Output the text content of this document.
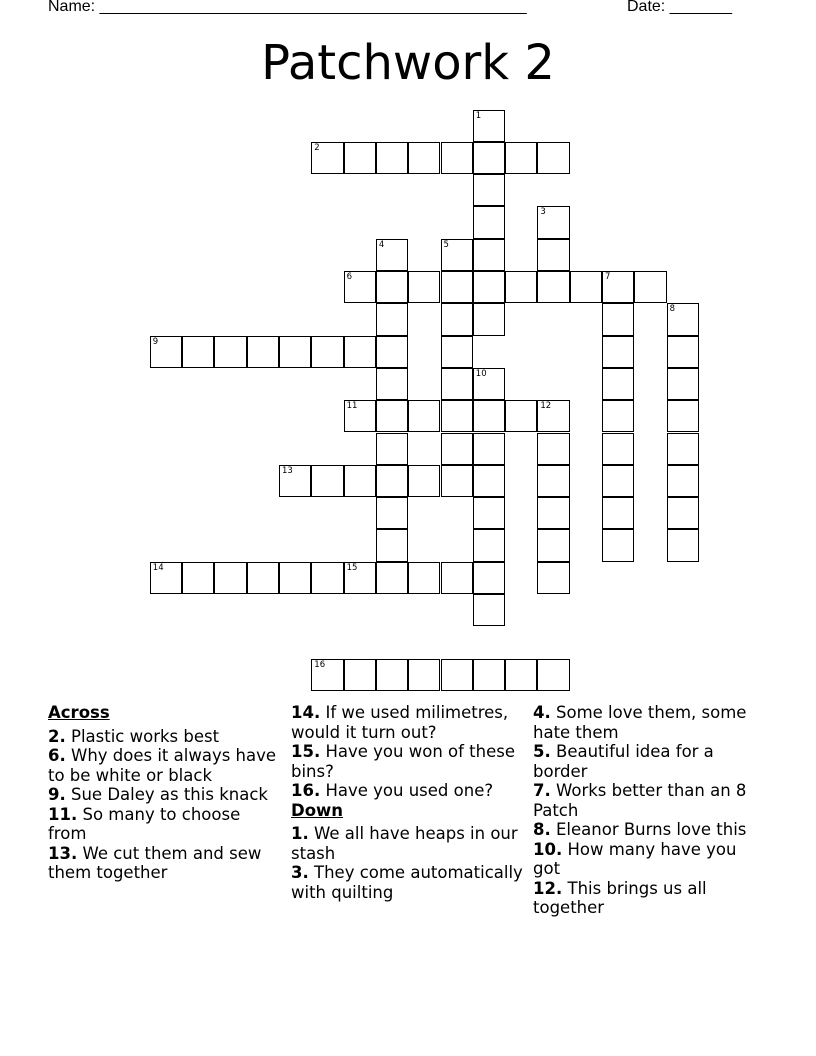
Name: ________________________________________________	Date: _______
Patchwork 2
1
2
3
4	5
6	7
8
9
10
11	12
13
14	15
16
Across
2. Plastic works best
6. Why does it always have to be white or black
9. Sue Daley as this knack
11. So many to choose from
13. We cut them and sew them together
14. If we used milimetres, would it turn out?
15. Have you won of these bins?
16. Have you used one?
Down
1. We all have heaps in our stash
3. They come automatically with quilting
4. Some love them, some hate them
5. Beautiful idea for a border
7. Works better than an 8 Patch
8. Eleanor Burns love this
10. How many have you got
12. This brings us all together
